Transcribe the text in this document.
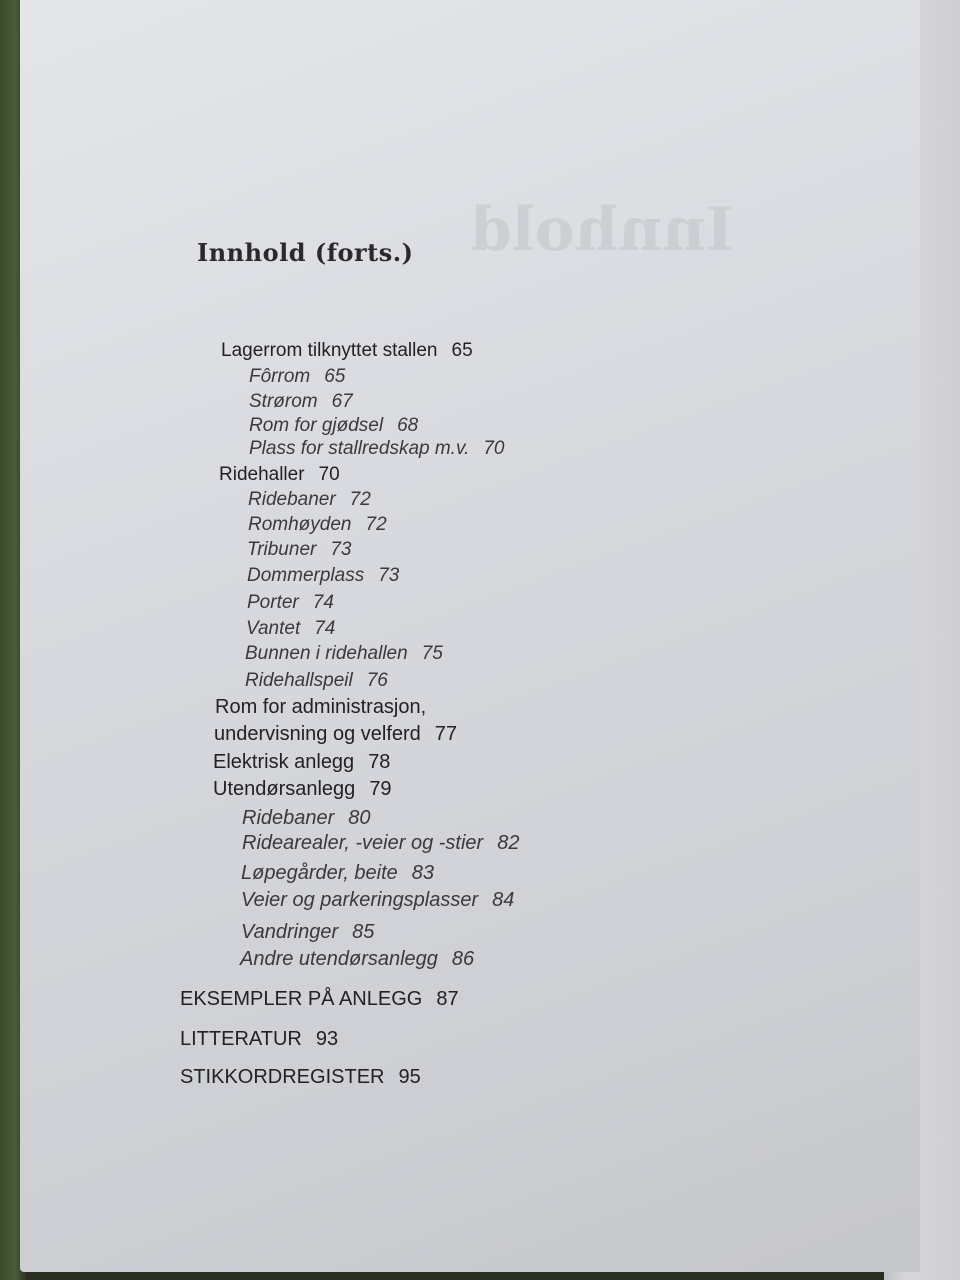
Innhold
Innhold (forts.)
Lagerrom tilknyttet stallen 65
Fôrrom 65
Strørom 67
Rom for gjødsel 68
Plass for stallredskap m.v. 70
Ridehaller 70
Ridebaner 72
Romhøyden 72
Tribuner 73
Dommerplass 73
Porter 74
Vantet 74
Bunnen i ridehallen 75
Ridehallspeil 76
Rom for administrasjon,
undervisning og velferd 77
Elektrisk anlegg 78
Utendørsanlegg 79
Ridebaner 80
Ridearealer, -veier og -stier 82
Løpegårder, beite 83
Veier og parkeringsplasser 84
Vandringer 85
Andre utendørsanlegg 86
EKSEMPLER PÅ ANLEGG 87
LITTERATUR 93
STIKKORDREGISTER 95
